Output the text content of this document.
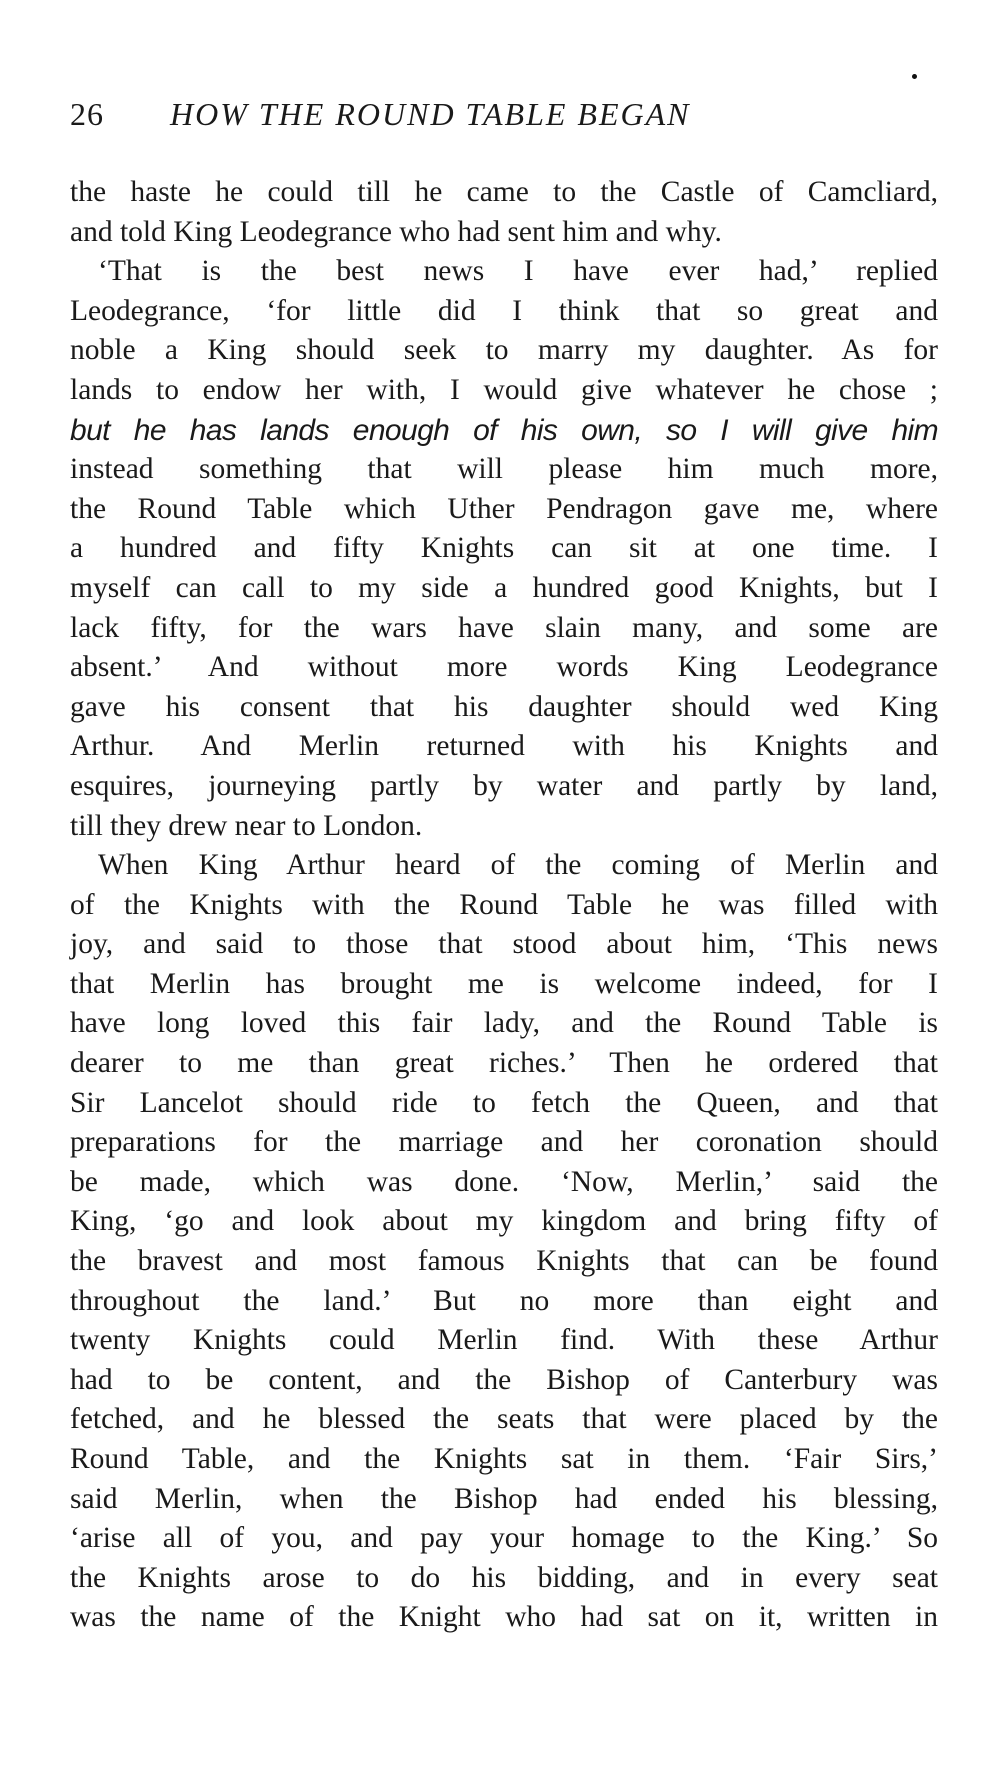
26 HOW THE ROUND TABLE BEGAN
the haste he could till he came to the Castle of Camcliard,
and told King Leodegrance who had sent him and why.
‘That is the best news I have ever had,’ replied
Leodegrance, ‘for little did I think that so great and
noble a King should seek to marry my daughter. As for
lands to endow her with, I would give whatever he chose ;
but he has lands enough of his own, so I will give him
instead something that will please him much more,
the Round Table which Uther Pendragon gave me, where
a hundred and fifty Knights can sit at one time. I
myself can call to my side a hundred good Knights, but I
lack fifty, for the wars have slain many, and some are
absent.’ And without more words King Leodegrance
gave his consent that his daughter should wed King
Arthur. And Merlin returned with his Knights and
esquires, journeying partly by water and partly by land,
till they drew near to London.
When King Arthur heard of the coming of Merlin and
of the Knights with the Round Table he was filled with
joy, and said to those that stood about him, ‘This news
that Merlin has brought me is welcome indeed, for I
have long loved this fair lady, and the Round Table is
dearer to me than great riches.’ Then he ordered that
Sir Lancelot should ride to fetch the Queen, and that
preparations for the marriage and her coronation should
be made, which was done. ‘Now, Merlin,’ said the
King, ‘go and look about my kingdom and bring fifty of
the bravest and most famous Knights that can be found
throughout the land.’ But no more than eight and
twenty Knights could Merlin find. With these Arthur
had to be content, and the Bishop of Canterbury was
fetched, and he blessed the seats that were placed by the
Round Table, and the Knights sat in them. ‘Fair Sirs,’
said Merlin, when the Bishop had ended his blessing,
‘arise all of you, and pay your homage to the King.’ So
the Knights arose to do his bidding, and in every seat
was the name of the Knight who had sat on it, written in
